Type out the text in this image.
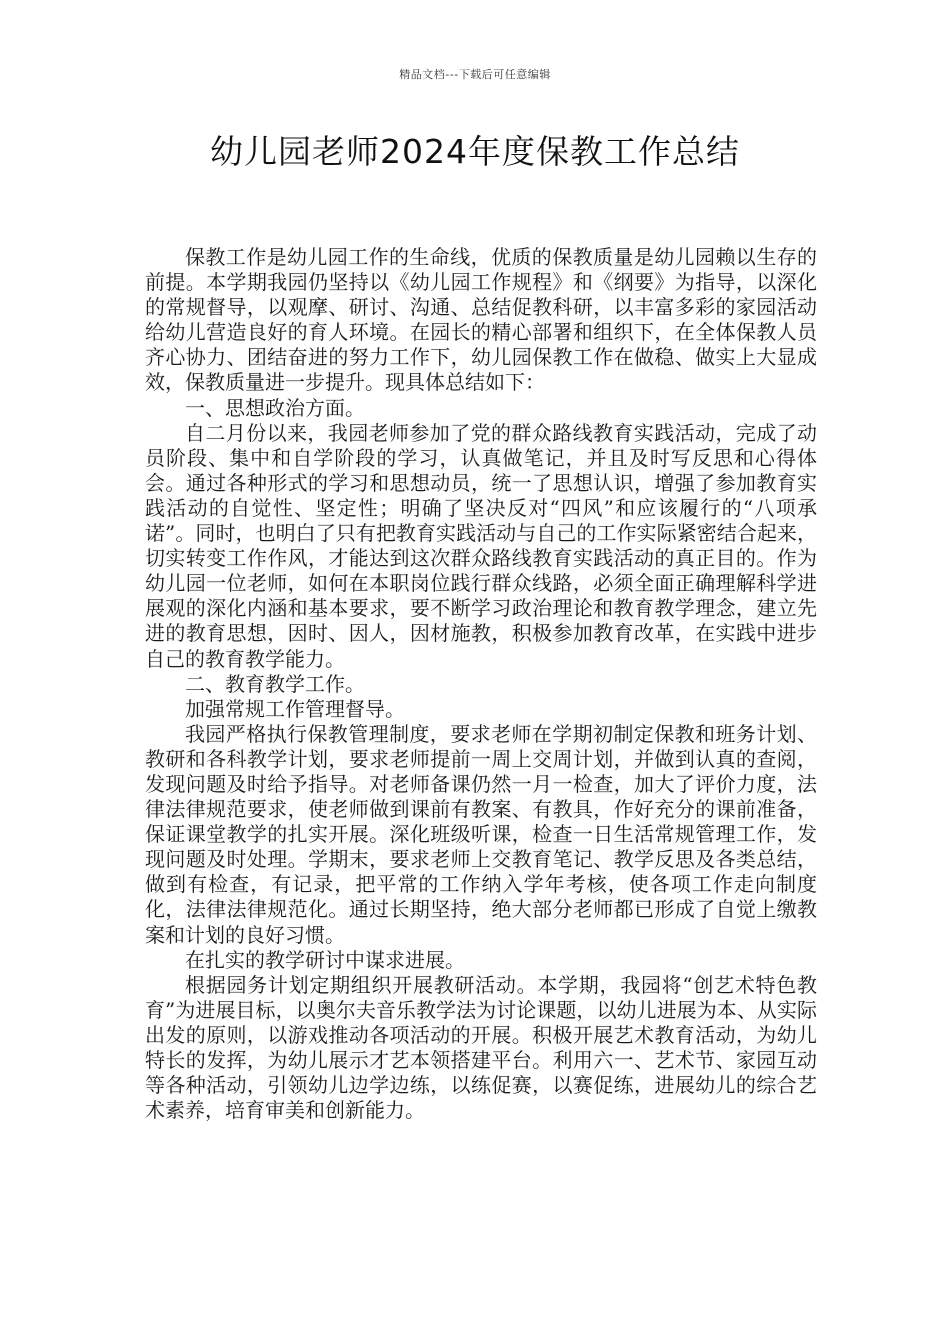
精品文档---下载后可任意编辑
幼儿园老师2024年度保教工作总结

保教工作是幼儿园工作的生命线，优质的保教质量是幼儿园赖以生存的前提。本学期我园仍坚持以《幼儿园工作规程》和《纲要》为指导，以深化的常规督导，以观摩、研讨、沟通、总结促教科研，以丰富多彩的家园活动给幼儿营造良好的育人环境。在园长的精心部署和组织下，在全体保教人员齐心协力、团结奋进的努力工作下，幼儿园保教工作在做稳、做实上大显成效，保教质量进一步提升。现具体总结如下：

一、思想政治方面。

自二月份以来，我园老师参加了党的群众路线教育实践活动，完成了动员阶段、集中和自学阶段的学习，认真做笔记，并且及时写反思和心得体会。通过各种形式的学习和思想动员，统一了思想认识，增强了参加教育实践活动的自觉性、坚定性；明确了坚决反对“四风”和应该履行的“八项承诺”。同时，也明白了只有把教育实践活动与自己的工作实际紧密结合起来，切实转变工作作风，才能达到这次群众路线教育实践活动的真正目的。作为幼儿园一位老师，如何在本职岗位践行群众线路，必须全面正确理解科学进展观的深化内涵和基本要求，要不断学习政治理论和教育教学理念，建立先进的教育思想，因时、因人，因材施教，积极参加教育改革，在实践中进步自己的教育教学能力。

二、教育教学工作。

加强常规工作管理督导。

我园严格执行保教管理制度，要求老师在学期初制定保教和班务计划、教研和各科教学计划，要求老师提前一周上交周计划，并做到认真的查阅，发现问题及时给予指导。对老师备课仍然一月一检查，加大了评价力度，法律法律规范要求，使老师做到课前有教案、有教具，作好充分的课前准备，保证课堂教学的扎实开展。深化班级听课，检查一日生活常规管理工作，发现问题及时处理。学期末，要求老师上交教育笔记、教学反思及各类总结，做到有检查，有记录，把平常的工作纳入学年考核，使各项工作走向制度化，法律法律规范化。通过长期坚持，绝大部分老师都已形成了自觉上缴教案和计划的良好习惯。

在扎实的教学研讨中谋求进展。

根据园务计划定期组织开展教研活动。本学期，我园将“创艺术特色教育”为进展目标，以奥尔夫音乐教学法为讨论课题，以幼儿进展为本、从实际出发的原则，以游戏推动各项活动的开展。积极开展艺术教育活动，为幼儿特长的发挥，为幼儿展示才艺本领搭建平台。利用六一、艺术节、家园互动等各种活动，引领幼儿边学边练，以练促赛，以赛促练，进展幼儿的综合艺术素养，培育审美和创新能力。
